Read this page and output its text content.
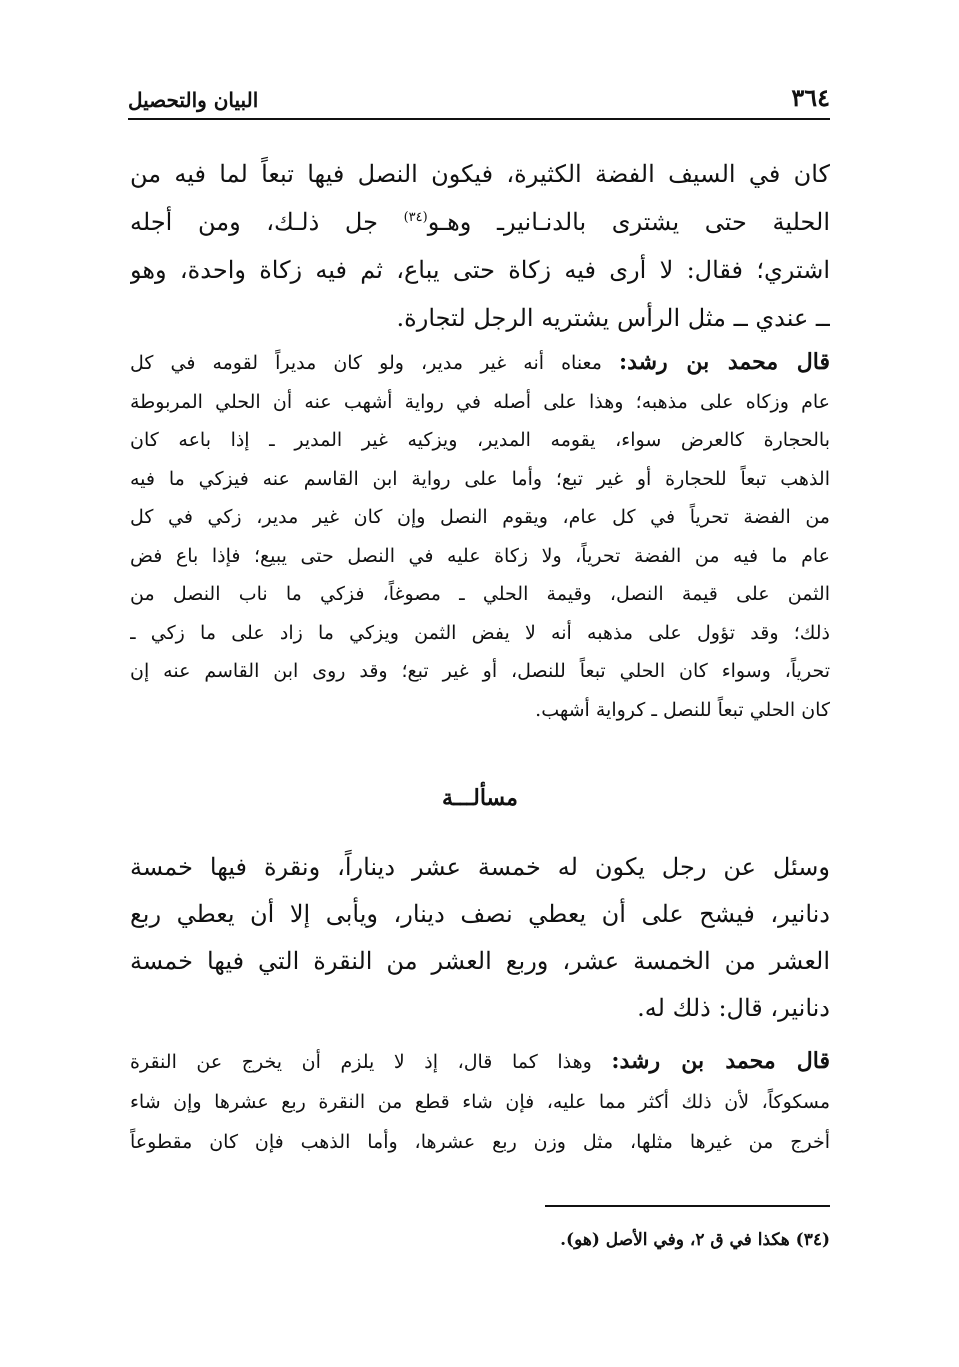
٣٦٤
البيان والتحصيل
كان في السيف الفضة الكثيرة، فيكون النصل فيها تبعاً لما فيه من
الحلية حتى يشترى بالدنـانيرـ وهـو$^{(٣٤)}$ جل ذلـك، ومن أجله
اشتري؛ فقال: لا أرى فيه زكاة حتى يباع، ثم فيه زكاة واحدة، وهو
ــ عندي ــ مثل الرأس يشتريه الرجل لتجارة.
قال محمد بن رشد: معناه أنه غير مدير، ولو كان مديراً لقومه في كل
عام وزكاه على مذهبه؛ وهذا على أصله في رواية أشهب عنه أن الحلي المربوطة
بالحجارة كالعرض سواء، يقومه المدير، ويزكيه غير المدير ـ إذا باعه كان
الذهب تبعاً للحجارة أو غير تبع؛ وأما على رواية ابن القاسم عنه فيزكي ما فيه
من الفضة تحرياً في كل عام، ويقوم النصل وإن كان غير مدير، زكي في كل
عام ما فيه من الفضة تحرياً، ولا زكاة عليه في النصل حتى يبيع؛ فإذا باع فض
الثمن على قيمة النصل، وقيمة الحلي ـ مصوغاً، فزكي ما ناب النصل من
ذلك؛ وقد تؤول على مذهبه أنه لا يفض الثمن ويزكي ما زاد على ما زكي ـ
تحرياً، وسواء كان الحلي تبعاً للنصل، أو غير تبع؛ وقد روى ابن القاسم عنه إن
كان الحلي تبعاً للنصل ـ كرواية أشهب.
مسألـــة
وسئل عن رجل يكون له خمسة عشر ديناراً، ونقرة فيها خمسة
دنانير، فيشح على أن يعطي نصف دينار، ويأبى إلا أن يعطي ربع
العشر من الخمسة عشر، وربع العشر من النقرة التي فيها خمسة
دنانير، قال: ذلك له.
قال محمد بن رشد: وهذا كما قال، إذ لا يلزم أن يخرج عن النقرة
مسكوكاً، لأن ذلك أكثر مما عليه، فإن شاء قطع من النقرة ربع عشرها وإن شاء
أخرج من غيرها مثلها، مثل وزن ربع عشرها، وأما الذهب فإن كان مقطوعاً
(٣٤) هكذا في ق ٢، وفي الأصل (هو).
